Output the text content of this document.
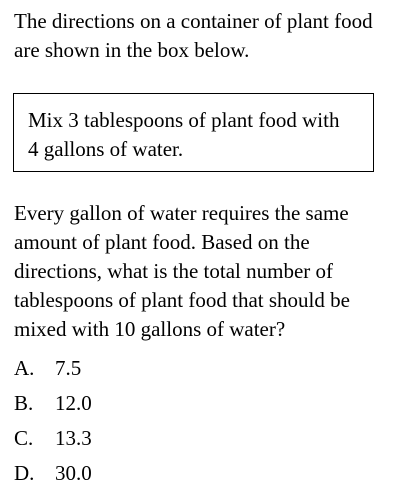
The directions on a container of plant food are shown in the box below.

Mix 3 tablespoons of plant food with
4 gallons of water.

Every gallon of water requires the same amount of plant food. Based on the directions, what is the total number of tablespoons of plant food that should be mixed with 10 gallons of water?

A. 7.5
B.	12.0
C.	13.3
D. 30.0
